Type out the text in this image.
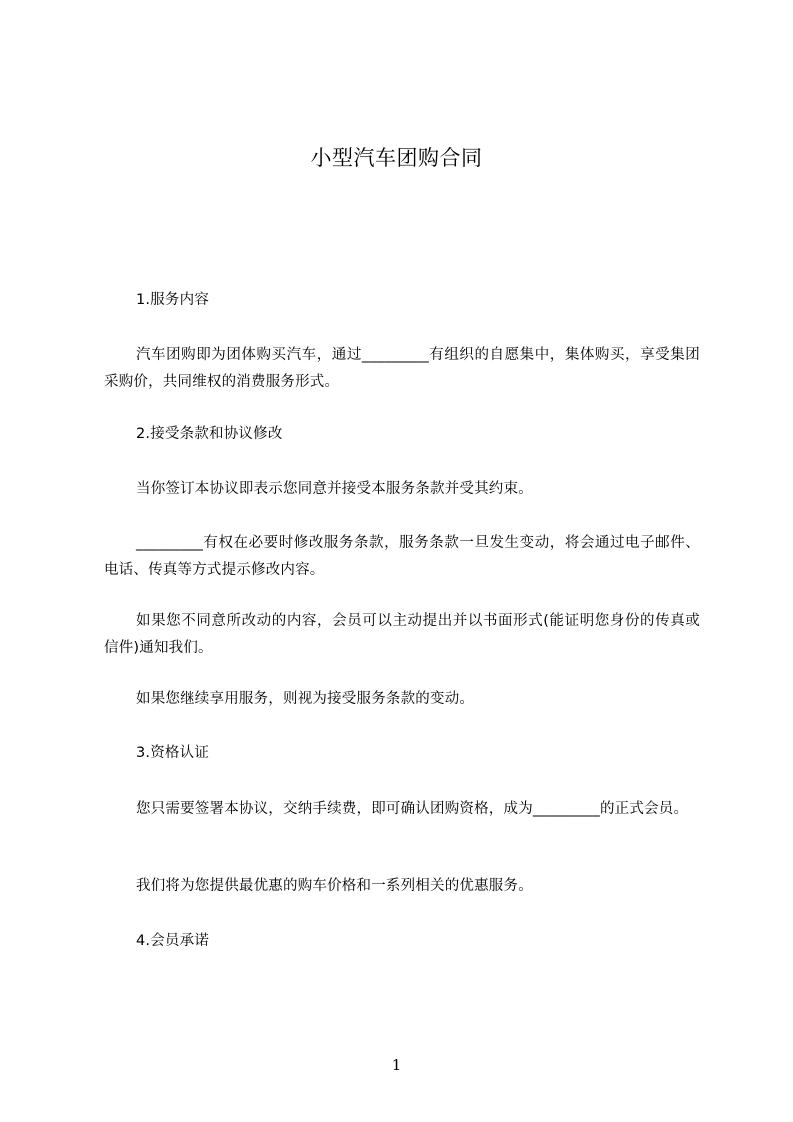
小型汽车团购合同
1.服务内容
汽车团购即为团体购买汽车，通过_________有组织的自愿集中，集体购买，享受集团采购价，共同维权的消费服务形式。
2.接受条款和协议修改
当你签订本协议即表示您同意并接受本服务条款并受其约束。
_________有权在必要时修改服务条款，服务条款一旦发生变动，将会通过电子邮件、电话、传真等方式提示修改内容。
如果您不同意所改动的内容，会员可以主动提出并以书面形式(能证明您身份的传真或信件)通知我们。
如果您继续享用服务，则视为接受服务条款的变动。
3.资格认证
您只需要签署本协议，交纳手续费，即可确认团购资格，成为_________的正式会员。
我们将为您提供最优惠的购车价格和一系列相关的优惠服务。
4.会员承诺
1
